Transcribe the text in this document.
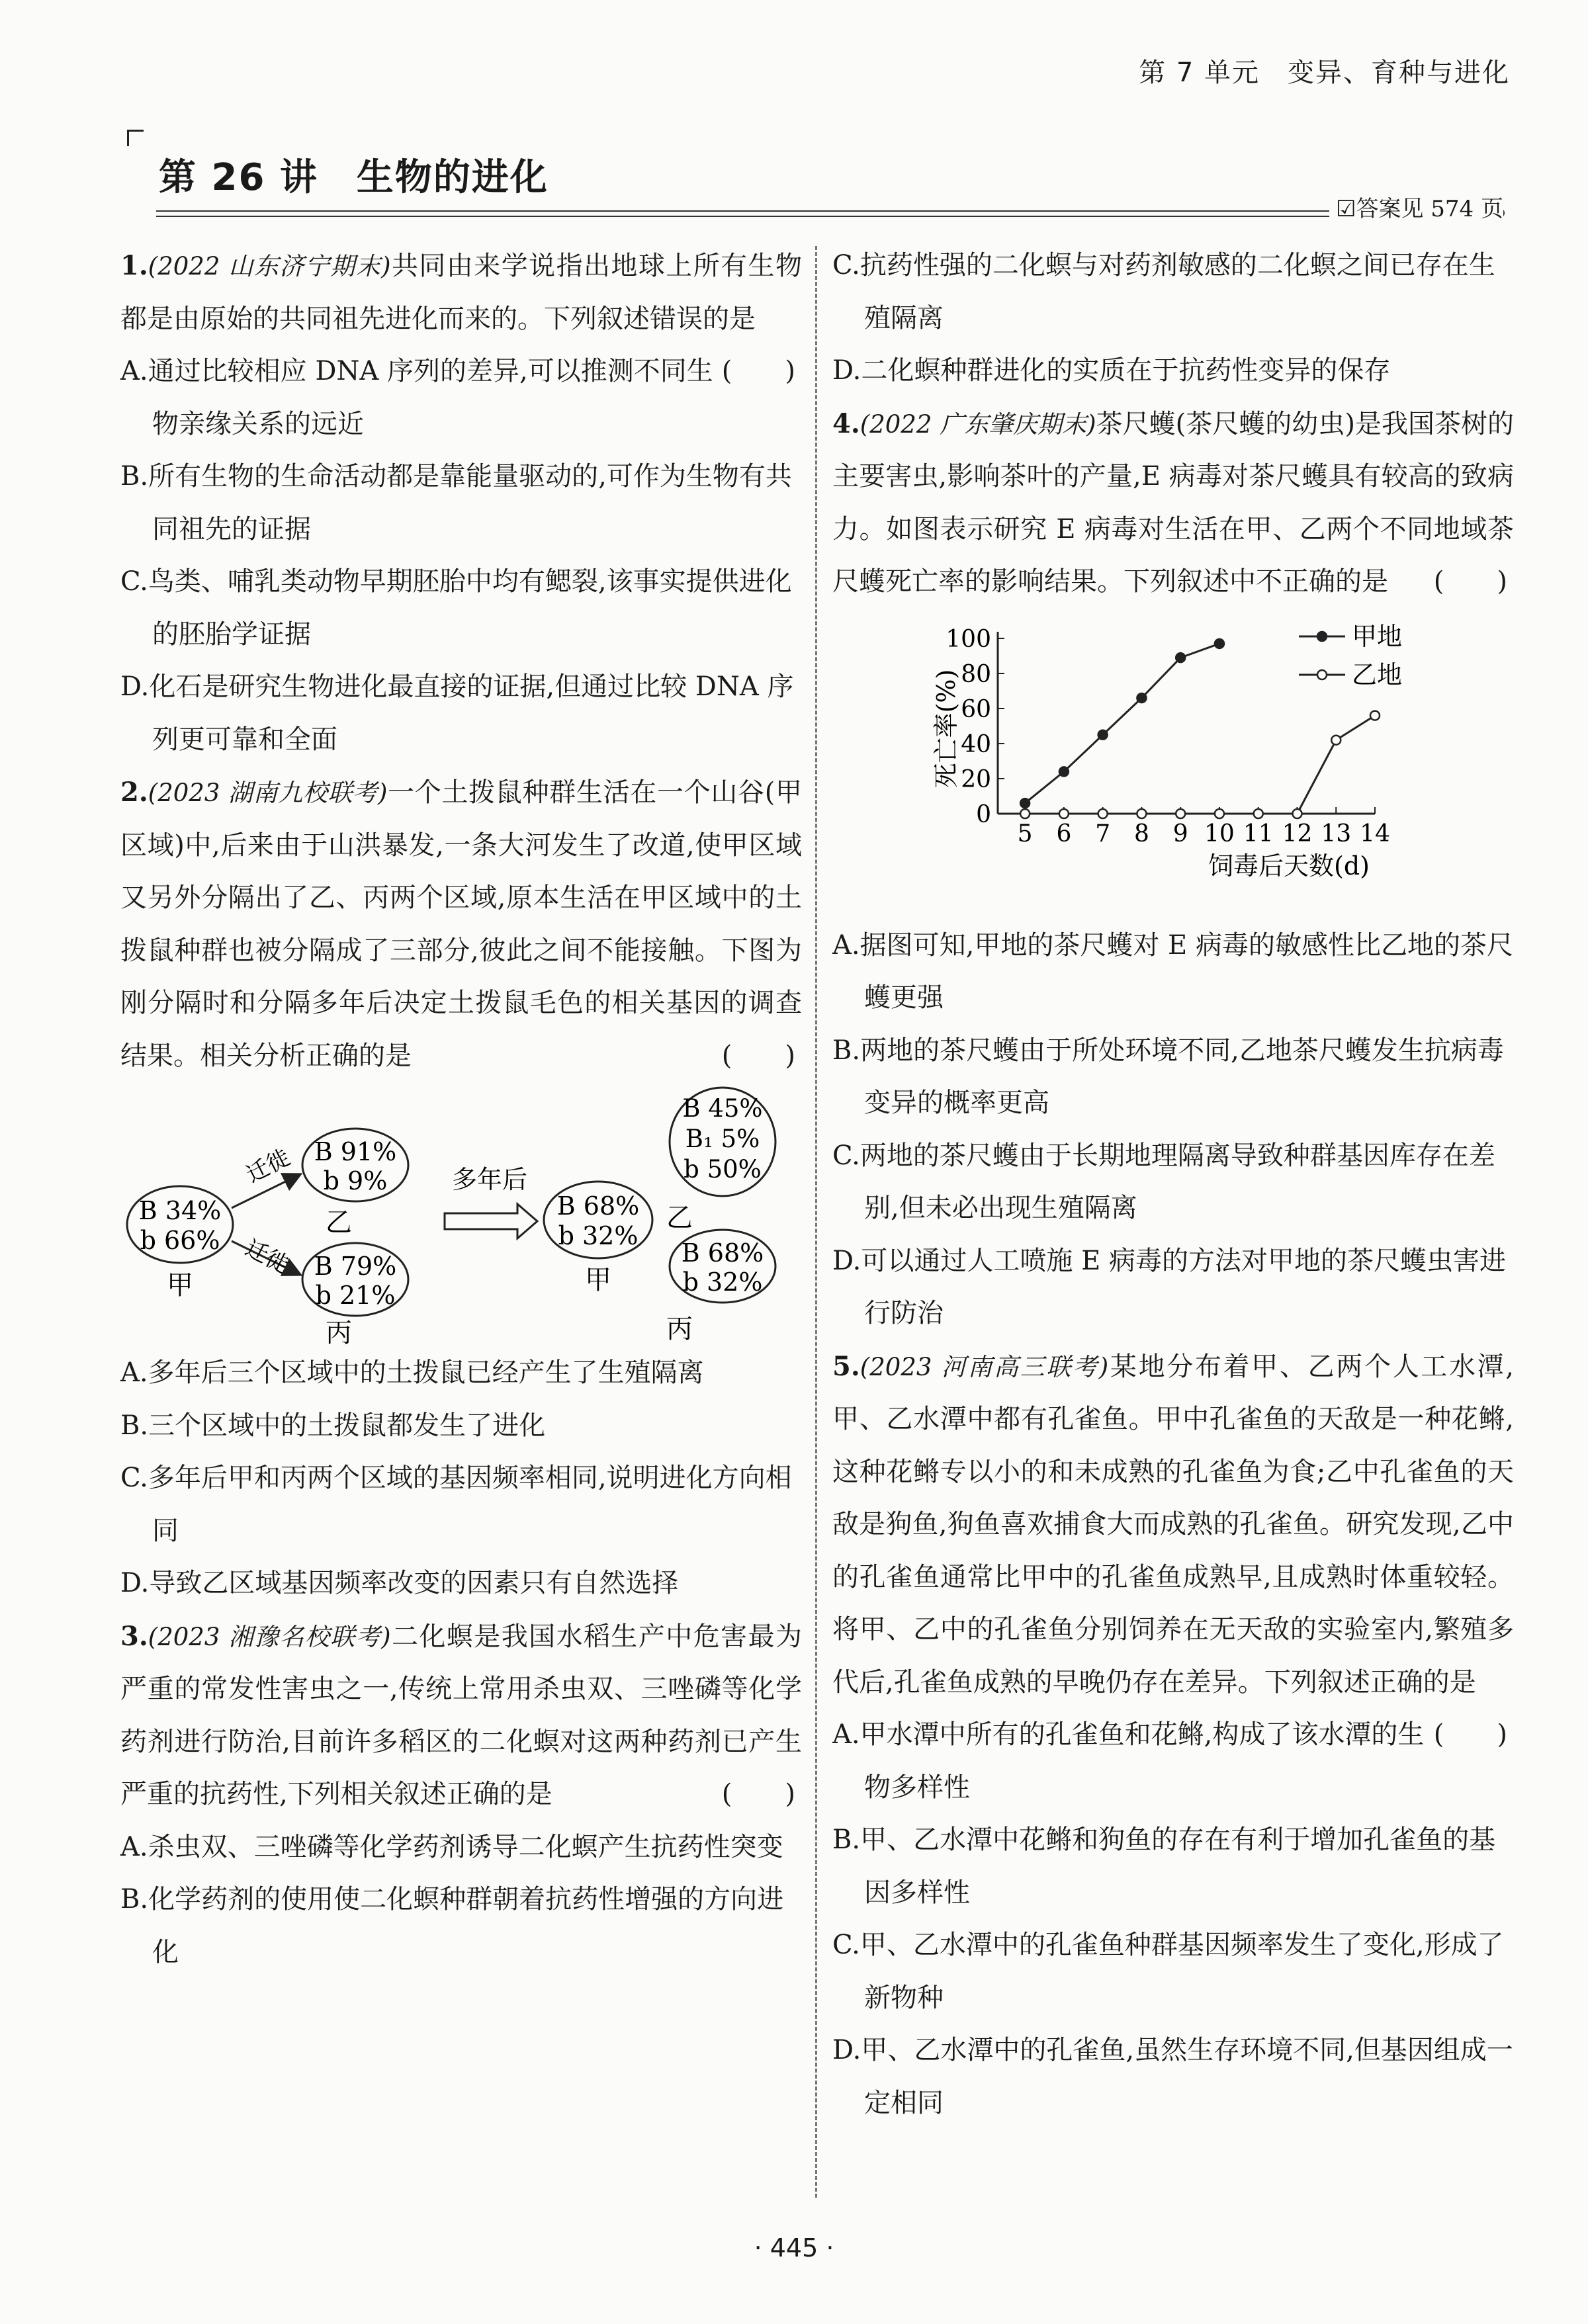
第 7 单元　变异、育种与进化
第 26 讲　生物的进化
☑答案见 574 页
1.(2022 山东济宁期末)共同由来学说指出地球上所有生物都是由原始的共同祖先进化而来的。下列叙述错误的是
(　　)
A.通过比较相应 DNA 序列的差异,可以推测不同生物亲缘关系的远近
B.所有生物的生命活动都是靠能量驱动的,可作为生物有共同祖先的证据
C.鸟类、哺乳类动物早期胚胎中均有鳃裂,该事实提供进化的胚胎学证据
D.化石是研究生物进化最直接的证据,但通过比较 DNA 序列更可靠和全面
2.(2023 湖南九校联考)一个土拨鼠种群生活在一个山谷(甲区域)中,后来由于山洪暴发,一条大河发生了改道,使甲区域又另外分隔出了乙、丙两个区域,原本生活在甲区域中的土拨鼠种群也被分隔成了三部分,彼此之间不能接触。下图为刚分隔时和分隔多年后决定土拨鼠毛色的相关基因的调查结果。相关分析正确的是	(　　)
B 34%
b 66%
甲
迁徙
迁徙
B 91%
b 9%
乙
B 79%
b 21%
丙
多年后
B 68%
b 32%
甲
B 45%
B₁ 5%
b 50%
乙
B 68%
b 32%
丙
A.多年后三个区域中的土拨鼠已经产生了生殖隔离
B.三个区域中的土拨鼠都发生了进化
C.多年后甲和丙两个区域的基因频率相同,说明进化方向相同
D.导致乙区域基因频率改变的因素只有自然选择
3.(2023 湘豫名校联考)二化螟是我国水稻生产中危害最为严重的常发性害虫之一,传统上常用杀虫双、三唑磷等化学药剂进行防治,目前许多稻区的二化螟对这两种药剂已产生严重的抗药性,下列相关叙述正确的是	(　　)
A.杀虫双、三唑磷等化学药剂诱导二化螟产生抗药性突变
B.化学药剂的使用使二化螟种群朝着抗药性增强的方向进化
C.抗药性强的二化螟与对药剂敏感的二化螟之间已存在生殖隔离
D.二化螟种群进化的实质在于抗药性变异的保存
4.(2022 广东肇庆期末)茶尺蠖(茶尺蠖的幼虫)是我国茶树的主要害虫,影响茶叶的产量,E 病毒对茶尺蠖具有较高的致病力。如图表示研究 E 病毒对生活在甲、乙两个不同地域茶尺蠖死亡率的影响结果。下列叙述中不正确的是 (　　)
0
20
40
60
80
100
5 6 7 8 9 10 11 12 13 14
饲毒后天数(d)
死亡率(%)
甲地
乙地
A.据图可知,甲地的茶尺蠖对 E 病毒的敏感性比乙地的茶尺蠖更强
B.两地的茶尺蠖由于所处环境不同,乙地茶尺蠖发生抗病毒变异的概率更高
C.两地的茶尺蠖由于长期地理隔离导致种群基因库存在差别,但未必出现生殖隔离
D.可以通过人工喷施 E 病毒的方法对甲地的茶尺蠖虫害进行防治
5.(2023 河南高三联考)某地分布着甲、乙两个人工水潭,甲、乙水潭中都有孔雀鱼。甲中孔雀鱼的天敌是一种花鳉,这种花鳉专以小的和未成熟的孔雀鱼为食;乙中孔雀鱼的天敌是狗鱼,狗鱼喜欢捕食大而成熟的孔雀鱼。研究发现,乙中的孔雀鱼通常比甲中的孔雀鱼成熟早,且成熟时体重较轻。将甲、乙中的孔雀鱼分别饲养在无天敌的实验室内,繁殖多代后,孔雀鱼成熟的早晚仍存在差异。下列叙述正确的是
(　　)
A.甲水潭中所有的孔雀鱼和花鳉,构成了该水潭的生物多样性
B.甲、乙水潭中花鳉和狗鱼的存在有利于增加孔雀鱼的基因多样性
C.甲、乙水潭中的孔雀鱼种群基因频率发生了变化,形成了新物种
D.甲、乙水潭中的孔雀鱼,虽然生存环境不同,但基因组成一定相同
· 445 ·
